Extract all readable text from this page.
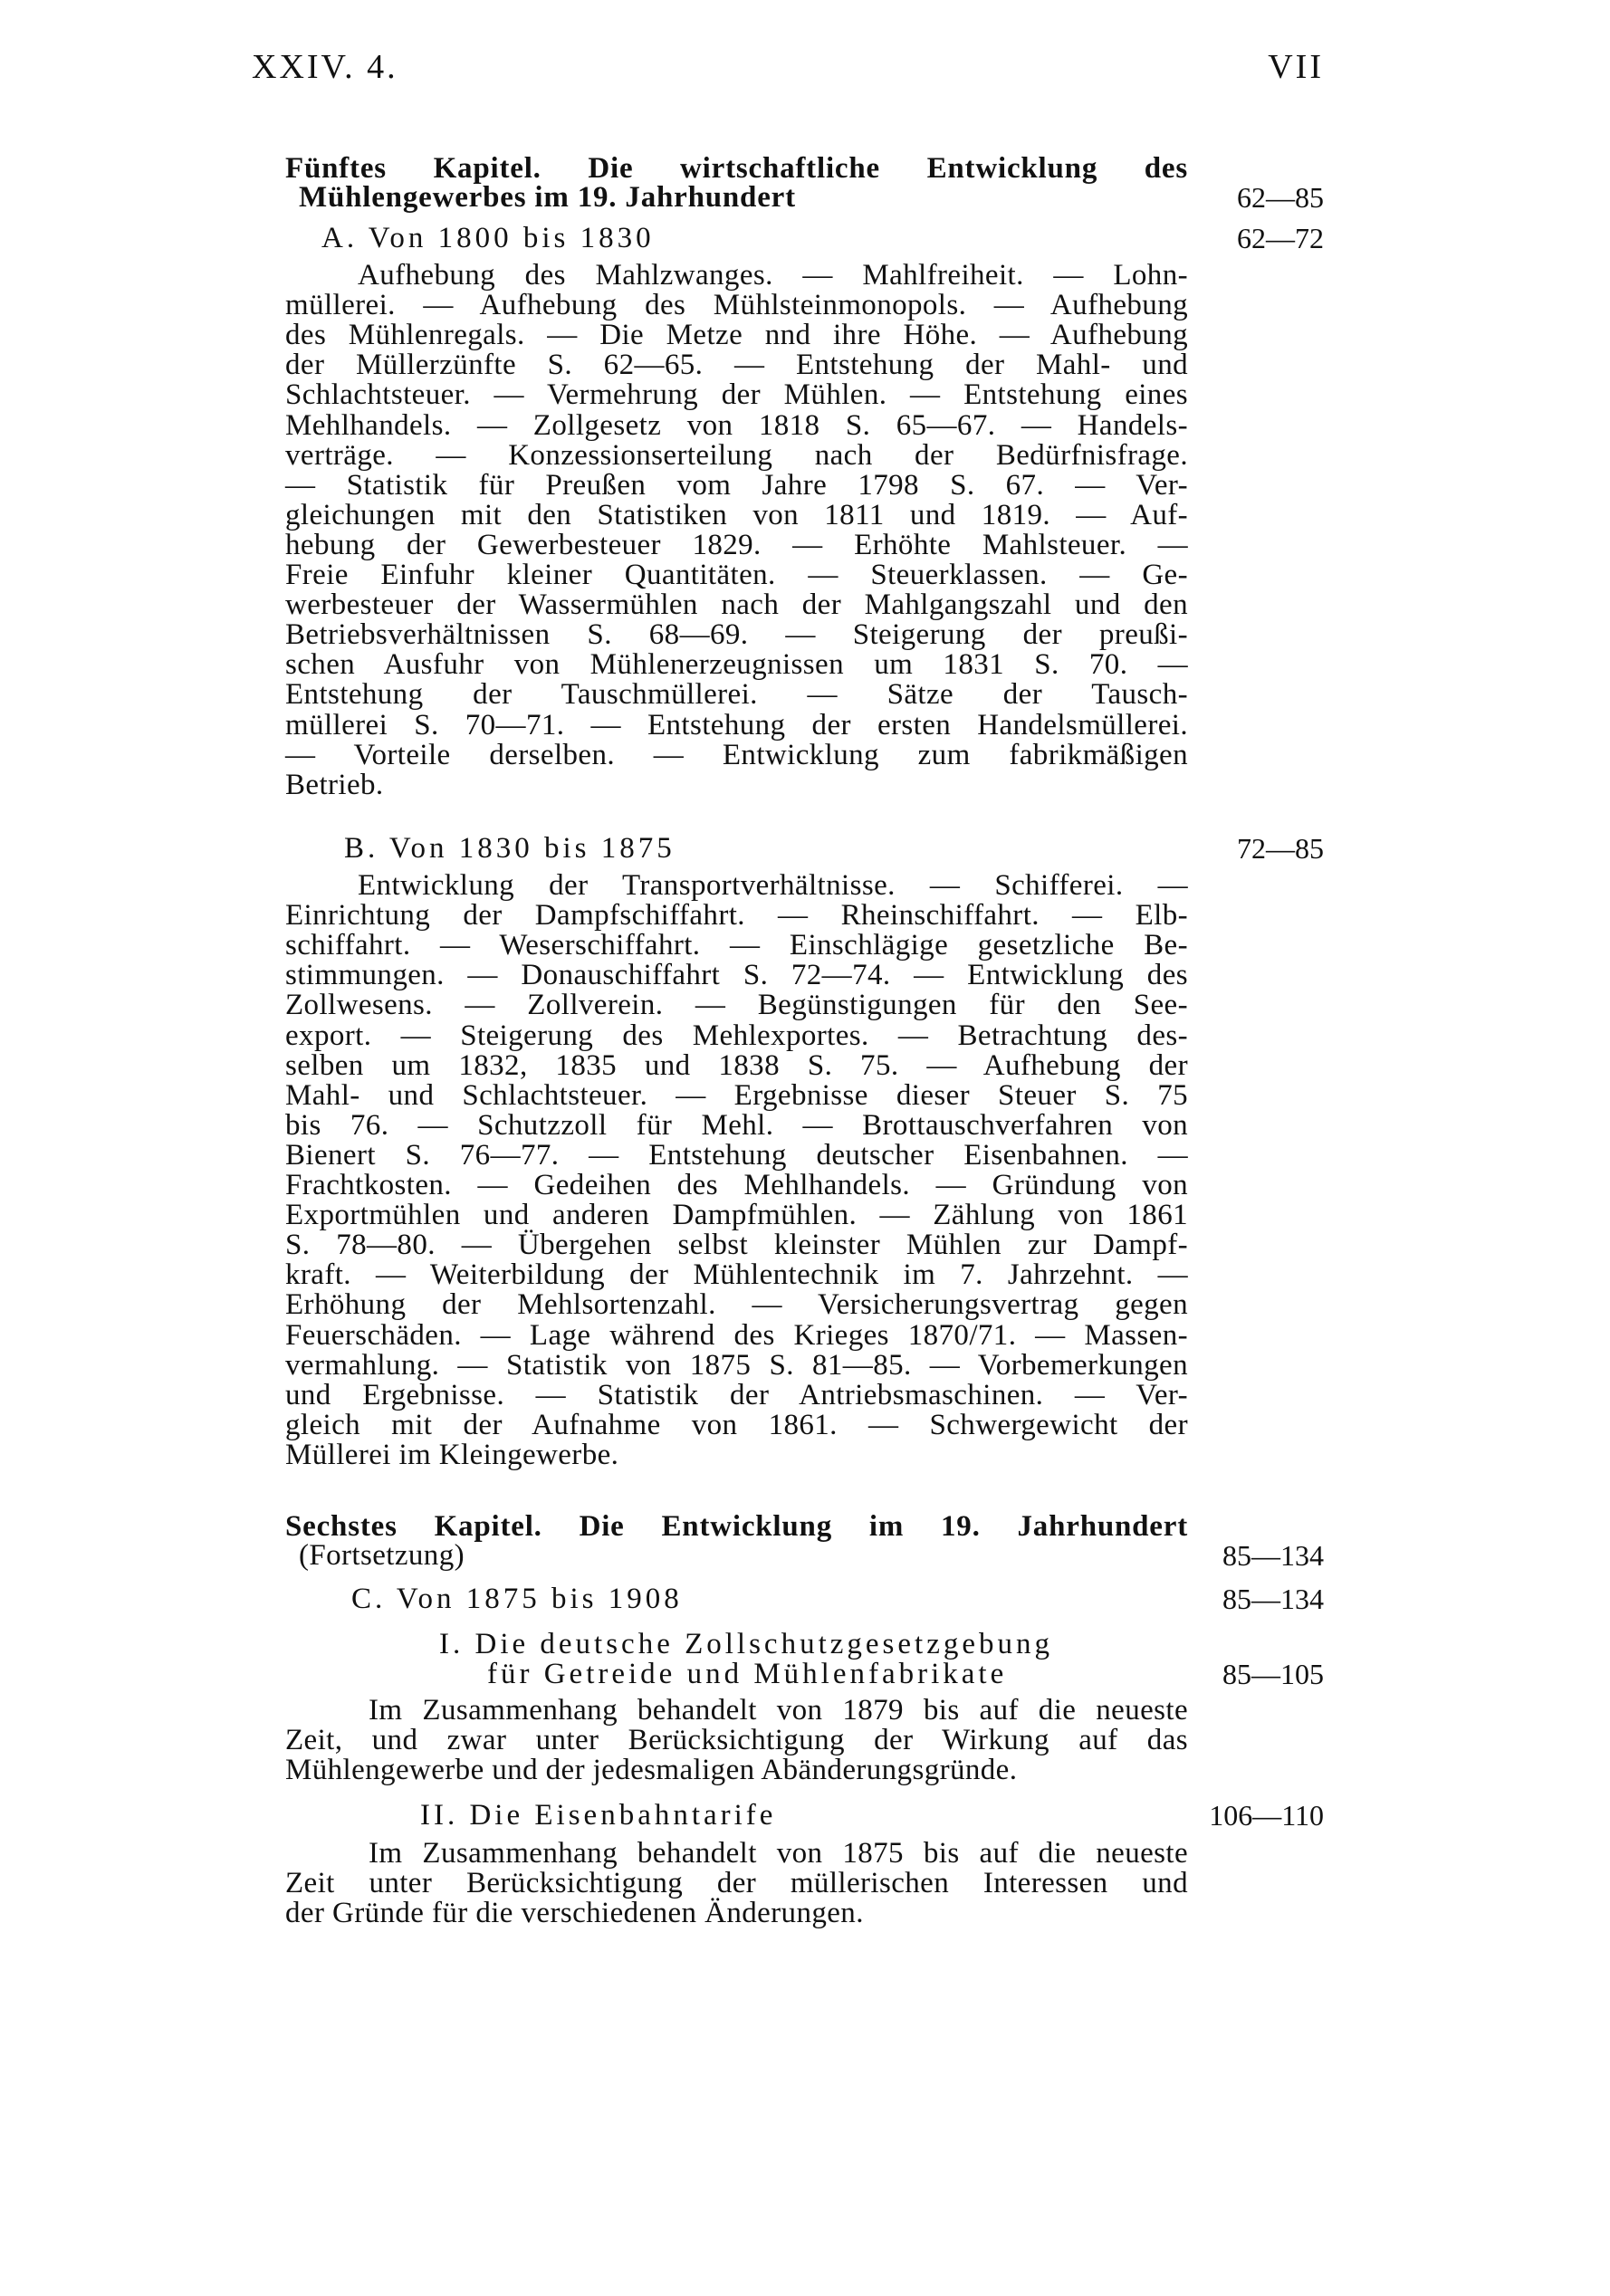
XXIV. 4.	VII
Fünftes Kapitel. Die wirtschaftliche Entwicklung des
Mühlengewerbes im 19. Jahrhundert	62—85
A. Von 1800 bis 1830	62—72
Aufhebung des Mahlzwanges. — Mahlfreiheit. — Lohn-
müllerei. — Aufhebung des Mühlsteinmonopols. — Aufhebung
des Mühlenregals. — Die Metze nnd ihre Höhe. — Aufhebung
der Müllerzünfte S. 62—65. — Entstehung der Mahl- und
Schlachtsteuer. — Vermehrung der Mühlen. — Entstehung eines
Mehlhandels. — Zollgesetz von 1818 S. 65—67. — Handels-
verträge. — Konzessionserteilung nach der Bedürfnisfrage.
— Statistik für Preußen vom Jahre 1798 S. 67. — Ver-
gleichungen mit den Statistiken von 1811 und 1819. — Auf-
hebung der Gewerbesteuer 1829. — Erhöhte Mahlsteuer. —
Freie Einfuhr kleiner Quantitäten. — Steuerklassen. — Ge-
werbesteuer der Wassermühlen nach der Mahlgangszahl und den
Betriebsverhältnissen S. 68—69. — Steigerung der preußi-
schen Ausfuhr von Mühlenerzeugnissen um 1831 S. 70. —
Entstehung der Tauschmüllerei. — Sätze der Tausch-
müllerei S. 70—71. — Entstehung der ersten Handelsmüllerei.
— Vorteile derselben. — Entwicklung zum fabrikmäßigen
Betrieb.
B. Von 1830 bis 1875	72—85
Entwicklung der Transportverhältnisse. — Schifferei. —
Einrichtung der Dampfschiffahrt. — Rheinschiffahrt. — Elb-
schiffahrt. — Weserschiffahrt. — Einschlägige gesetzliche Be-
stimmungen. — Donauschiffahrt S. 72—74. — Entwicklung des
Zollwesens. — Zollverein. — Begünstigungen für den See-
export. — Steigerung des Mehlexportes. — Betrachtung des-
selben um 1832, 1835 und 1838 S. 75. — Aufhebung der
Mahl- und Schlachtsteuer. — Ergebnisse dieser Steuer S. 75
bis 76. — Schutzzoll für Mehl. — Brottauschverfahren von
Bienert S. 76—77. — Entstehung deutscher Eisenbahnen. —
Frachtkosten. — Gedeihen des Mehlhandels. — Gründung von
Exportmühlen und anderen Dampfmühlen. — Zählung von 1861
S. 78—80. — Übergehen selbst kleinster Mühlen zur Dampf-
kraft. — Weiterbildung der Mühlentechnik im 7. Jahrzehnt. —
Erhöhung der Mehlsortenzahl. — Versicherungsvertrag gegen
Feuerschäden. — Lage während des Krieges 1870/71. — Massen-
vermahlung. — Statistik von 1875 S. 81—85. — Vorbemerkungen
und Ergebnisse. — Statistik der Antriebsmaschinen. — Ver-
gleich mit der Aufnahme von 1861. — Schwergewicht der
Müllerei im Kleingewerbe.
Sechstes Kapitel. Die Entwicklung im 19. Jahrhundert
(Fortsetzung)	85—134
C. Von 1875 bis 1908	85—134
I. Die deutsche Zollschutzgesetzgebung
für Getreide und Mühlenfabrikate	85—105
Im Zusammenhang behandelt von 1879 bis auf die neueste
Zeit, und zwar unter Berücksichtigung der Wirkung auf das
Mühlengewerbe und der jedesmaligen Abänderungsgründe.
II. Die Eisenbahntarife	106—110
Im Zusammenhang behandelt von 1875 bis auf die neueste
Zeit unter Berücksichtigung der müllerischen Interessen und
der Gründe für die verschiedenen Änderungen.
